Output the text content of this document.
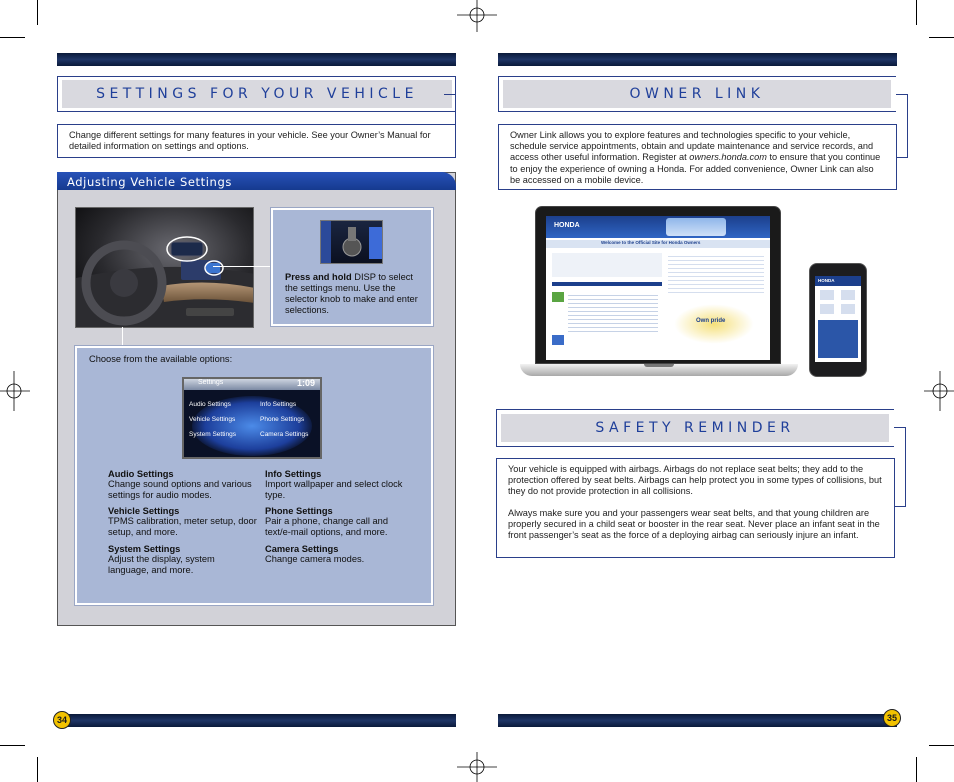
SETTINGS FOR YOUR VEHICLE
Change different settings for many features in your vehicle. See your Owner’s Manual for detailed information on settings and options.
Adjusting Vehicle Settings
Press and hold DISP to select the settings menu. Use the selector knob to make and enter selections.
Choose from the available options:
Settings	1:09
Audio Settings	Info Settings
Vehicle Settings	Phone Settings
System Settings	Camera Settings
Audio Settings
Change sound options and various settings for audio modes.
Info Settings
Import wallpaper and select clock type.
Vehicle Settings
TPMS calibration, meter setup, door setup, and more.
Phone Settings
Pair a phone, change call and text/e-mail options, and more.
System Settings
Adjust the display, system language, and more.
Camera Settings
Change camera modes.
34
OWNER LINK
Owner Link allows you to explore features and technologies specific to your vehicle, schedule service appointments, obtain and update maintenance and service records, and access other useful information. Register at owners.honda.com to ensure that you continue to enjoy the experience of owning a Honda. For added convenience, Owner Link can also be accessed on a mobile device.
HONDA
Welcome to the Official Site for Honda Owners
Own pride
HONDA
SAFETY REMINDER
Your vehicle is equipped with airbags. Airbags do not replace seat belts; they add to the protection offered by seat belts. Airbags can help protect you in some types of collisions, but they do not provide protection in all collisions.
Always make sure you and your passengers wear seat belts, and that young children are properly secured in a child seat or booster in the rear seat. Never place an infant seat in the front passenger’s seat as the force of a deploying airbag can seriously injure an infant.
35
